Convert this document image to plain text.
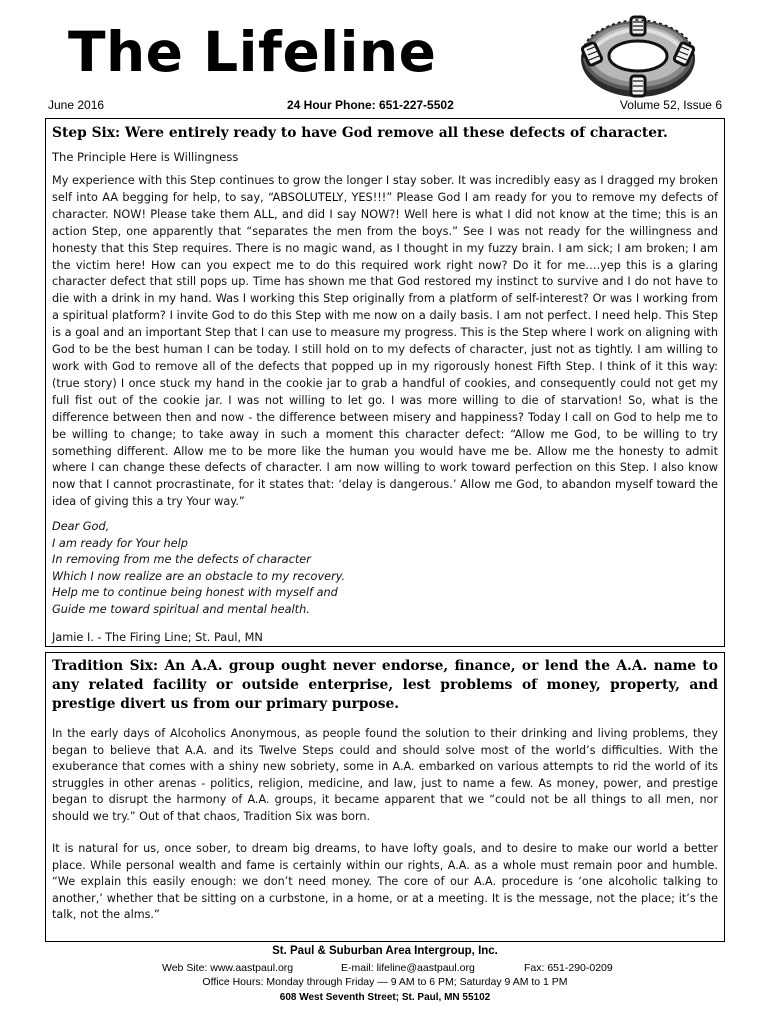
The Lifeline
June 2016	24 Hour Phone: 651-227-5502	Volume 52, Issue 6
Step Six: Were entirely ready to have God remove all these defects of character.

The Principle Here is Willingness

My experience with this Step continues to grow the longer I stay sober. It was incredibly easy as I dragged my broken self into AA begging for help, to say, “ABSOLUTELY, YES!!!” Please God I am ready for you to remove my defects of character. NOW! Please take them ALL, and did I say NOW?! Well here is what I did not know at the time; this is an action Step, one apparently that “separates the men from the boys.” See I was not ready for the willingness and honesty that this Step requires. There is no magic wand, as I thought in my fuzzy brain. I am sick; I am broken; I am the victim here! How can you expect me to do this required work right now? Do it for me….yep this is a glaring character defect that still pops up. Time has shown me that God restored my instinct to survive and I do not have to die with a drink in my hand. Was I working this Step originally from a platform of self-interest? Or was I working from a spiritual platform? I invite God to do this Step with me now on a daily basis. I am not perfect. I need help. This Step is a goal and an important Step that I can use to measure my progress. This is the Step where I work on aligning with God to be the best human I can be today. I still hold on to my defects of character, just not as tightly. I am willing to work with God to remove all of the defects that popped up in my rigorously honest Fifth Step. I think of it this way: (true story) I once stuck my hand in the cookie jar to grab a handful of cookies, and consequently could not get my full fist out of the cookie jar. I was not willing to let go. I was more willing to die of starvation! So, what is the difference between then and now - the difference between misery and happiness? Today I call on God to help me to be willing to change; to take away in such a moment this character defect: “Allow me God, to be willing to try something different. Allow me to be more like the human you would have me be. Allow me the honesty to admit where I can change these defects of character. I am now willing to work toward perfection on this Step. I also know now that I cannot procrastinate, for it states that: ‘delay is dangerous.’ Allow me God, to abandon myself toward the idea of giving this a try Your way.”

Dear God,
I am ready for Your help
In removing from me the defects of character
Which I now realize are an obstacle to my recovery.
Help me to continue being honest with myself and
Guide me toward spiritual and mental health.

Jamie I. - The Firing Line; St. Paul, MN

Tradition Six: An A.A. group ought never endorse, finance, or lend the A.A. name to any related facility or outside enterprise, lest problems of money, property, and prestige divert us from our primary purpose.

In the early days of Alcoholics Anonymous, as people found the solution to their drinking and living problems, they began to believe that A.A. and its Twelve Steps could and should solve most of the world’s difficulties. With the exuberance that comes with a shiny new sobriety, some in A.A. embarked on various attempts to rid the world of its struggles in other arenas - politics, religion, medicine, and law, just to name a few. As money, power, and prestige began to disrupt the harmony of A.A. groups, it became apparent that we “could not be all things to all men, nor should we try.” Out of that chaos, Tradition Six was born.

It is natural for us, once sober, to dream big dreams, to have lofty goals, and to desire to make our world a better place. While personal wealth and fame is certainly within our rights, A.A. as a whole must remain poor and humble. “We explain this easily enough: we don’t need money. The core of our A.A. procedure is ‘one alcoholic talking to another,’ whether that be sitting on a curbstone, in a home, or at a meeting. It is the message, not the place; it’s the talk, not the alms.”

St. Paul & Suburban Area Intergroup, Inc.
Web Site: www.aastpaul.org	E-mail: lifeline@aastpaul.org	Fax: 651-290-0209
Office Hours: Monday through Friday — 9 AM to 6 PM; Saturday 9 AM to 1 PM
608 West Seventh Street; St. Paul, MN 55102
